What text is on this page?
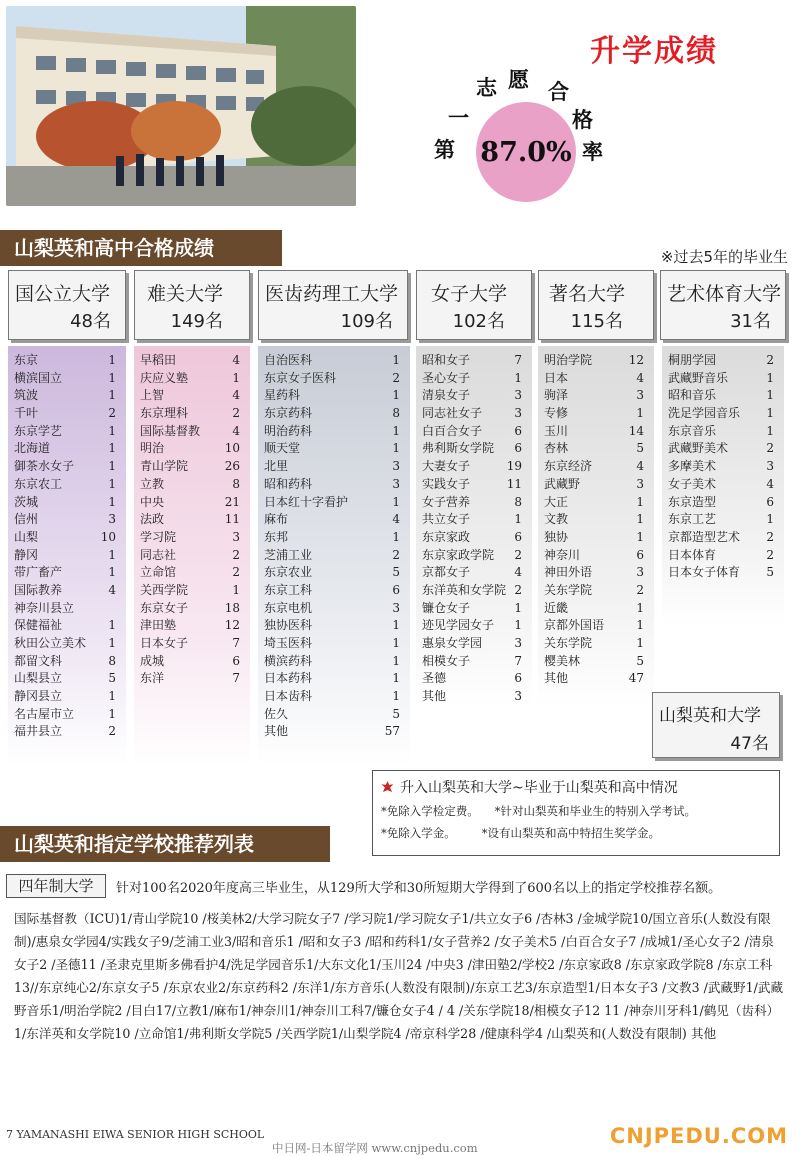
升学成绩
第
一
志 愿 合
格
率
87.0%
山梨英和高中合格成绩	※过去5年的毕业生
国公立大学
48名
难关大学
149名
医齿药理工大学
109名
女子大学
102名
著名大学
115名
艺术体育大学
31名
东京	1
横滨国立	1
筑波	1
千叶	2
东京学艺	1
北海道	1
御茶水女子	1
东京农工	1
茨城	1
信州	3
山梨	10
静冈	1
带广畜产	1
国际教养	4
神奈川县立
保健福祉	1
秋田公立美术 1
都留文科	8
山梨县立	5
静冈县立	1
名古屋市立	1
福井县立	2
早稻田	4
庆应义塾	1
上智	4
东京理科	2
国际基督教	4
明治	10
青山学院	26
立教	8
中央	21
法政	11
学习院	3
同志社	2
立命馆	2
关西学院	1
东京女子	18
津田塾	12
日本女子	7
成城	6
东洋	7
自治医科	1
东京女子医科	2
星药科	1
东京药科	8
明治药科	1
顺天堂	1
北里	3
昭和药科	3
日本红十字看护	1
麻布	4
东邦	1
芝浦工业	2
东京农业	5
东京工科	6
东京电机	3
独协医科	1
埼玉医科	1
横滨药科	1
日本药科	1
日本齿科	1
佐久	5
其他	57
昭和女子	7
圣心女子	1
清泉女子	3
同志社女子	3
白百合女子	6
弗利斯女学院 6
大妻女子	19
实践女子	11
女子营养	8
共立女子	1
东京家政	6
东京家政学院 2
京都女子	4
东洋英和女学院 2
镰仓女子	1
迹见学园女子 1
惠泉女学园	3
相模女子	7
圣德	6
其他	3
明治学院	12
日本	4
驹泽	3
专修	1
玉川	14
杏林	5
东京经济	4
武藏野	3
大正	1
文教	1
独协	1
神奈川	6
神田外语	3
关东学院	2
近畿	1
京都外国语	1
关东学院	1
樱美林	5
其他	47
桐朋学园	2
武藏野音乐	1
昭和音乐	1
洗足学园音乐 1
东京音乐	1
武藏野美术	2
多摩美术	3
女子美术	4
东京造型	6
东京工艺	1
京都造型艺术 2
日本体育	2
日本女子体育 5
山梨英和大学
47名
升入山梨英和大学~毕业于山梨英和高中情况
*免除入学检定费。 *针对山梨英和毕业生的特别入学考试。
*免除入学金。 *设有山梨英和高中特招生奖学金。
山梨英和指定学校推荐列表
四年制大学	针对100名2020年度高三毕业生，从129所大学和30所短期大学得到了600名以上的指定学校推荐名额。
国际基督教（ICU)1/青山学院10 /桜美林2/大学习院女子7 /学习院1/学习院女子1/共立女子6 /杏林3 /金城学院10/国立音乐(人数没有限制)/惠泉女学园4/实践女子9/芝浦工业3/昭和音乐1 /昭和女子3 /昭和药科1/女子营养2 /女子美术5 /白百合女子7 /成城1/圣心女子2 /清泉女子2 /圣德11 /圣隶克里斯多佛看护4/洗足学园音乐1/大东文化1/玉川24 /中央3 /津田塾2/学校2 /东京家政8 /东京家政学院8 /东京工科13//东京纯心2/东京女子5 /东京农业2/东京药科2 /东洋1/东方音乐(人数没有限制)/东京工艺3/东京造型1/日本女子3 /文教3 /武藏野1/武藏野音乐1/明治学院2 /目白17/立教1/麻布1/神奈川1/神奈川工科7/镰仓女子4 / 4 /关东学院18/相模女子12 11 /神奈川牙科1/鹤见（齿科）1/东洋英和女学院10 /立命馆1/弗利斯女学院5 /关西学院1/山梨学院4 /帝京科学28 /健康科学4 /山梨英和(人数没有限制) 其他
7 YAMANASHI EIWA SENIOR HIGH SCHOOL
中日网-日本留学网 www.cnjpedu.com	CNJPEDU.COM
